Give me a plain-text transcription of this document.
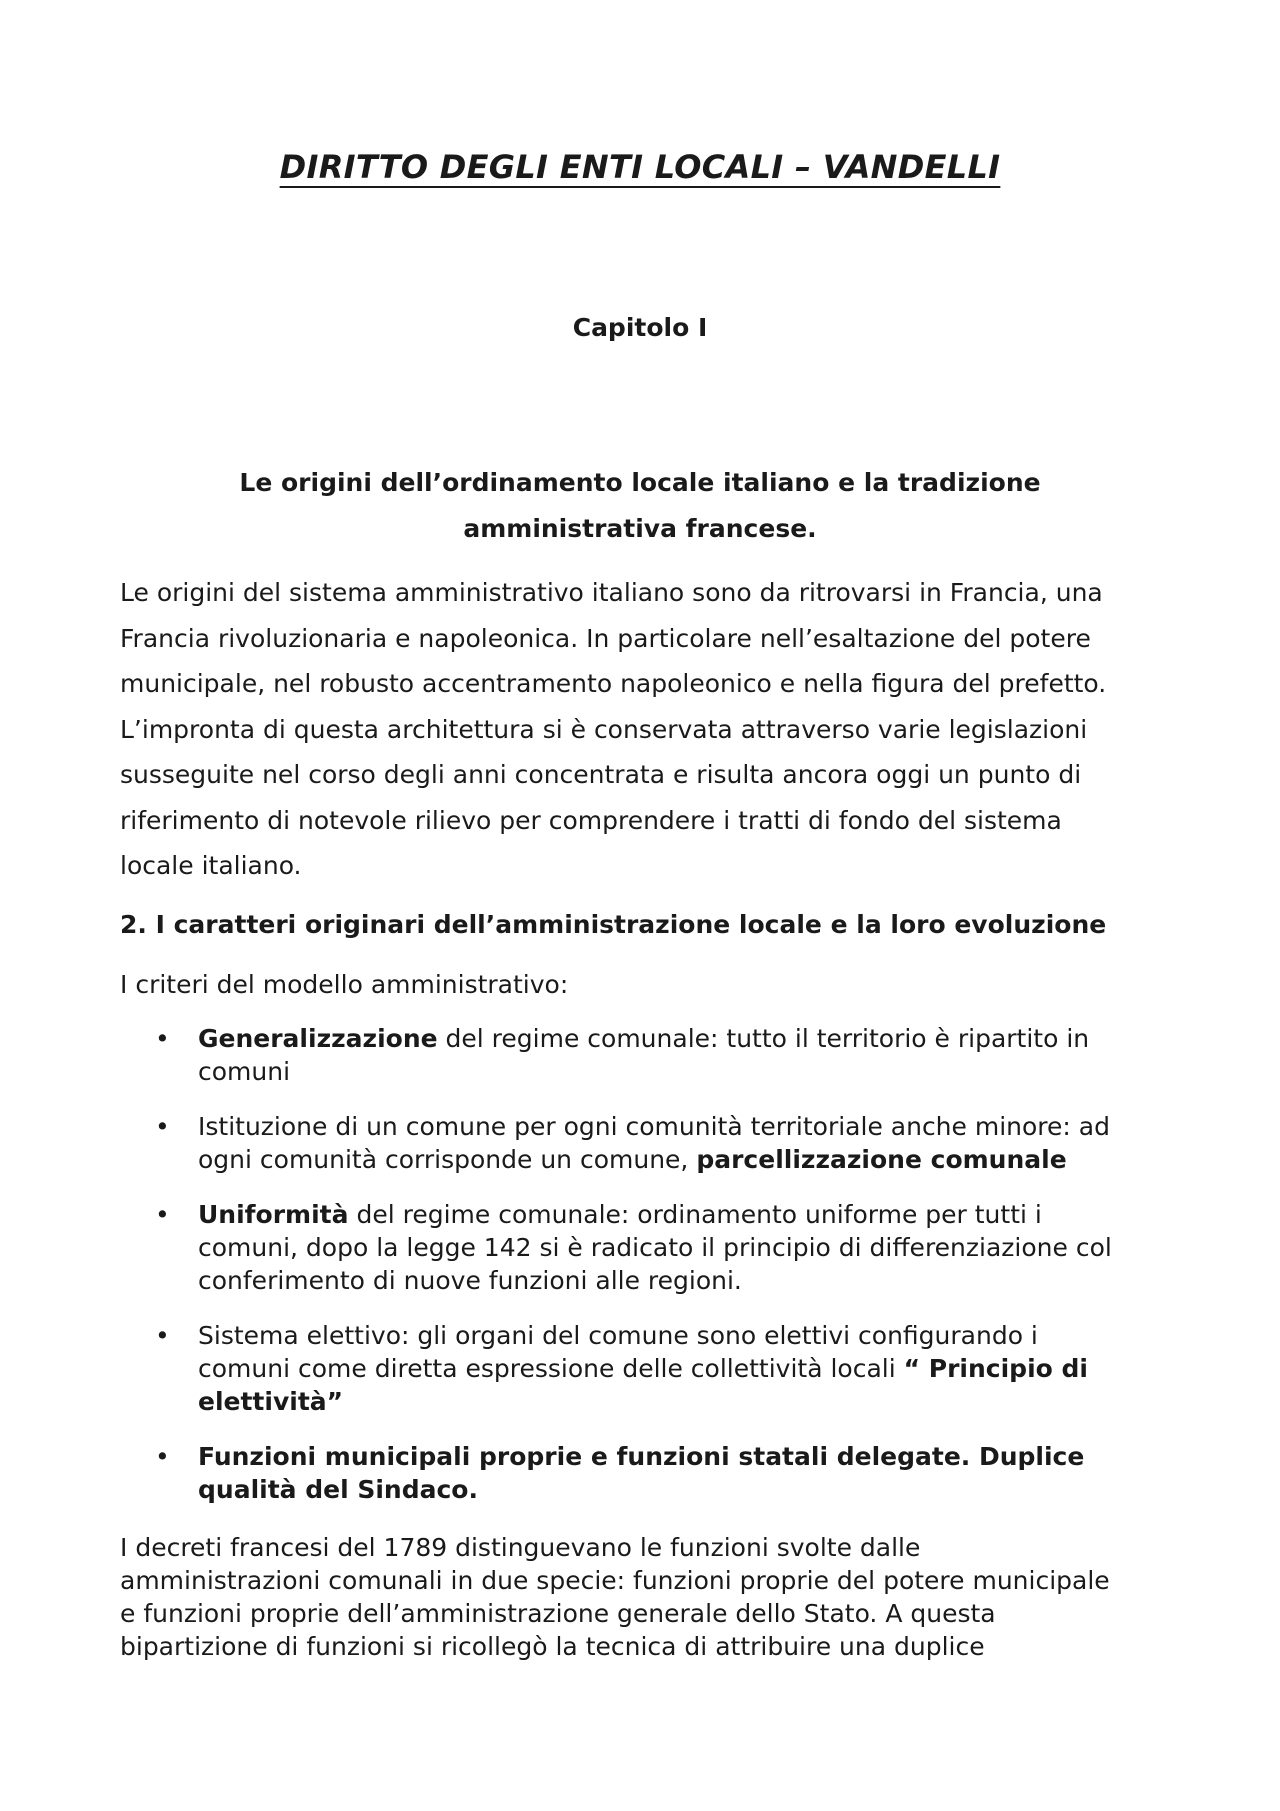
DIRITTO DEGLI ENTI LOCALI – VANDELLI
Capitolo I
Le origini dell’ordinamento locale italiano e la tradizione
amministrativa francese.
Le origini del sistema amministrativo italiano sono da ritrovarsi in Francia, una
Francia rivoluzionaria e napoleonica. In particolare nell’esaltazione del potere
municipale, nel robusto accentramento napoleonico e nella figura del prefetto.
L’impronta di questa architettura si è conservata attraverso varie legislazioni
susseguite nel corso degli anni concentrata e risulta ancora oggi un punto di
riferimento di notevole rilievo per comprendere i tratti di fondo del sistema
locale italiano.
2. I caratteri originari dell’amministrazione locale e la loro evoluzione
I criteri del modello amministrativo:
• Generalizzazione del regime comunale: tutto il territorio è ripartito in
comuni
• Istituzione di un comune per ogni comunità territoriale anche minore: ad
ogni comunità corrisponde un comune, parcellizzazione comunale
• Uniformità del regime comunale: ordinamento uniforme per tutti i
comuni, dopo la legge 142 si è radicato il principio di differenziazione col
conferimento di nuove funzioni alle regioni.
• Sistema elettivo: gli organi del comune sono elettivi configurando i
comuni come diretta espressione delle collettività locali “ Principio di
elettività”
• Funzioni municipali proprie e funzioni statali delegate. Duplice
qualità del Sindaco.
I decreti francesi del 1789 distinguevano le funzioni svolte dalle
amministrazioni comunali in due specie: funzioni proprie del potere municipale
e funzioni proprie dell’amministrazione generale dello Stato. A questa
bipartizione di funzioni si ricollegò la tecnica di attribuire una duplice
